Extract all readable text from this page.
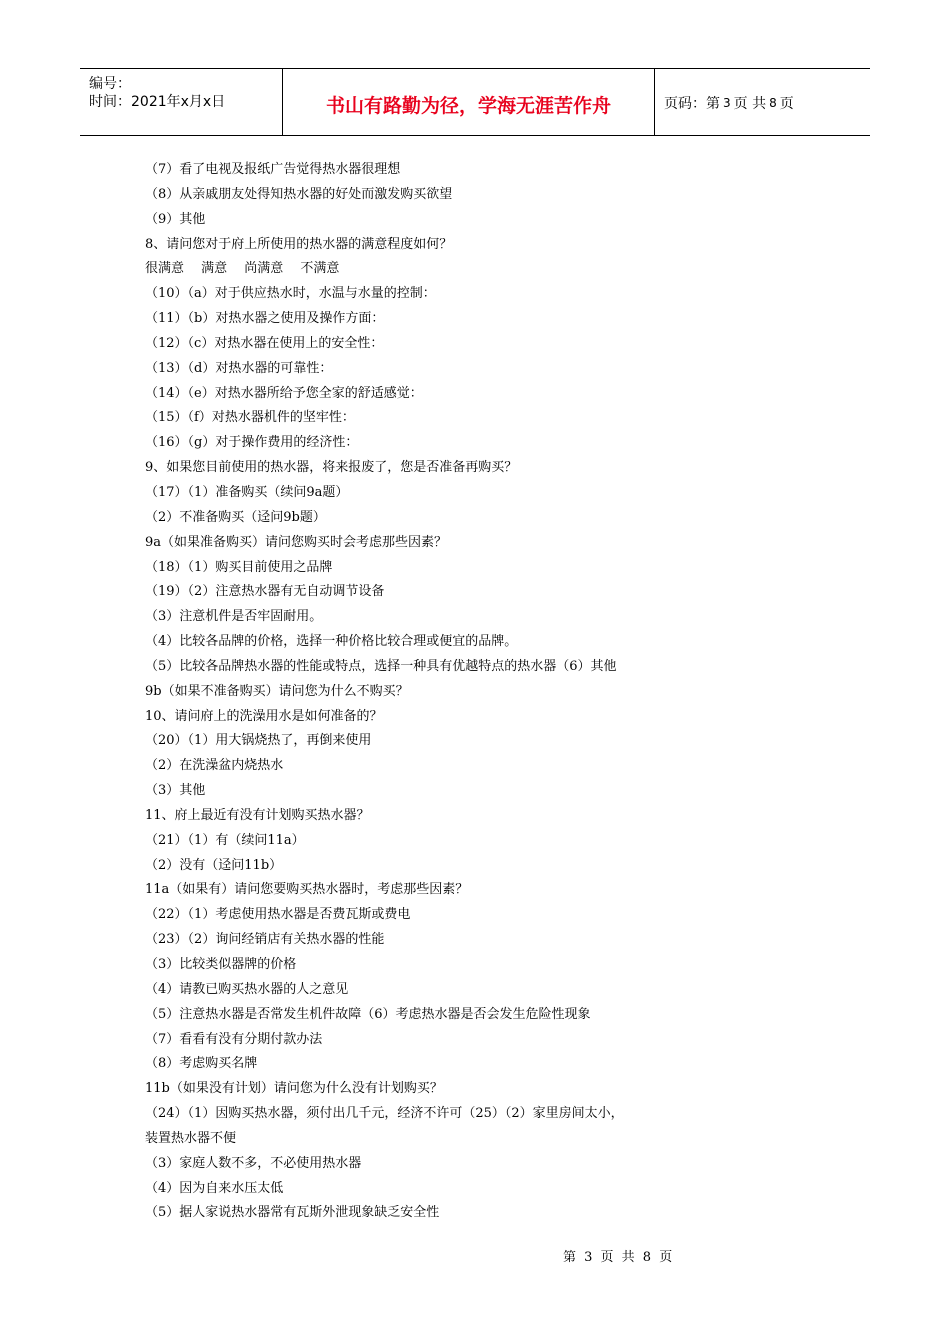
编号：
时间：2021年x月x日	书山有路勤为径，学海无涯苦作舟	页码：第 3 页 共 8 页

（7）看了电视及报纸广告觉得热水器很理想

（8）从亲戚朋友处得知热水器的好处而激发购买欲望

（9）其他

8、请问您对于府上所使用的热水器的满意程度如何？

很满意　 满意　 尚满意　 不满意

（10）（a）对于供应热水时，水温与水量的控制：

（11）（b）对热水器之使用及操作方面：

（12）（c）对热水器在使用上的安全性：

（13）（d）对热水器的可靠性：

（14）（e）对热水器所给予您全家的舒适感觉：

（15）（f）对热水器机件的坚牢性：

（16）（g）对于操作费用的经济性：

9、如果您目前使用的热水器，将来报废了，您是否准备再购买？

（17）（1）准备购买（续问9a题）

（2）不准备购买（迳问9b题）

9a（如果准备购买）请问您购买时会考虑那些因素？

（18）（1）购买目前使用之品牌

（19）（2）注意热水器有无自动调节设备

（3）注意机件是否牢固耐用。

（4）比较各品牌的价格，选择一种价格比较合理或便宜的品牌。

（5）比较各品牌热水器的性能或特点，选择一种具有优越特点的热水器（6）其他

9b（如果不准备购买）请问您为什么不购买？

10、请问府上的洗澡用水是如何准备的？

（20）（1）用大锅烧热了，再倒来使用

（2）在洗澡盆内烧热水

（3）其他

11、府上最近有没有计划购买热水器？

（21）（1）有（续问11a）

（2）没有（迳问11b）

11a（如果有）请问您要购买热水器时，考虑那些因素？

（22）（1）考虑使用热水器是否费瓦斯或费电

（23）（2）询问经销店有关热水器的性能

（3）比较类似器牌的价格

（4）请教已购买热水器的人之意见

（5）注意热水器是否常发生机件故障（6）考虑热水器是否会发生危险性现象

（7）看看有没有分期付款办法

（8）考虑购买名牌

11b（如果没有计划）请问您为什么没有计划购买？

（24）（1）因购买热水器，须付出几千元，经济不许可（25）（2）家里房间太小，

装置热水器不便

（3）家庭人数不多，不必使用热水器

（4）因为自来水压太低

（5）据人家说热水器常有瓦斯外泄现象缺乏安全性

第 3 页 共 8 页
